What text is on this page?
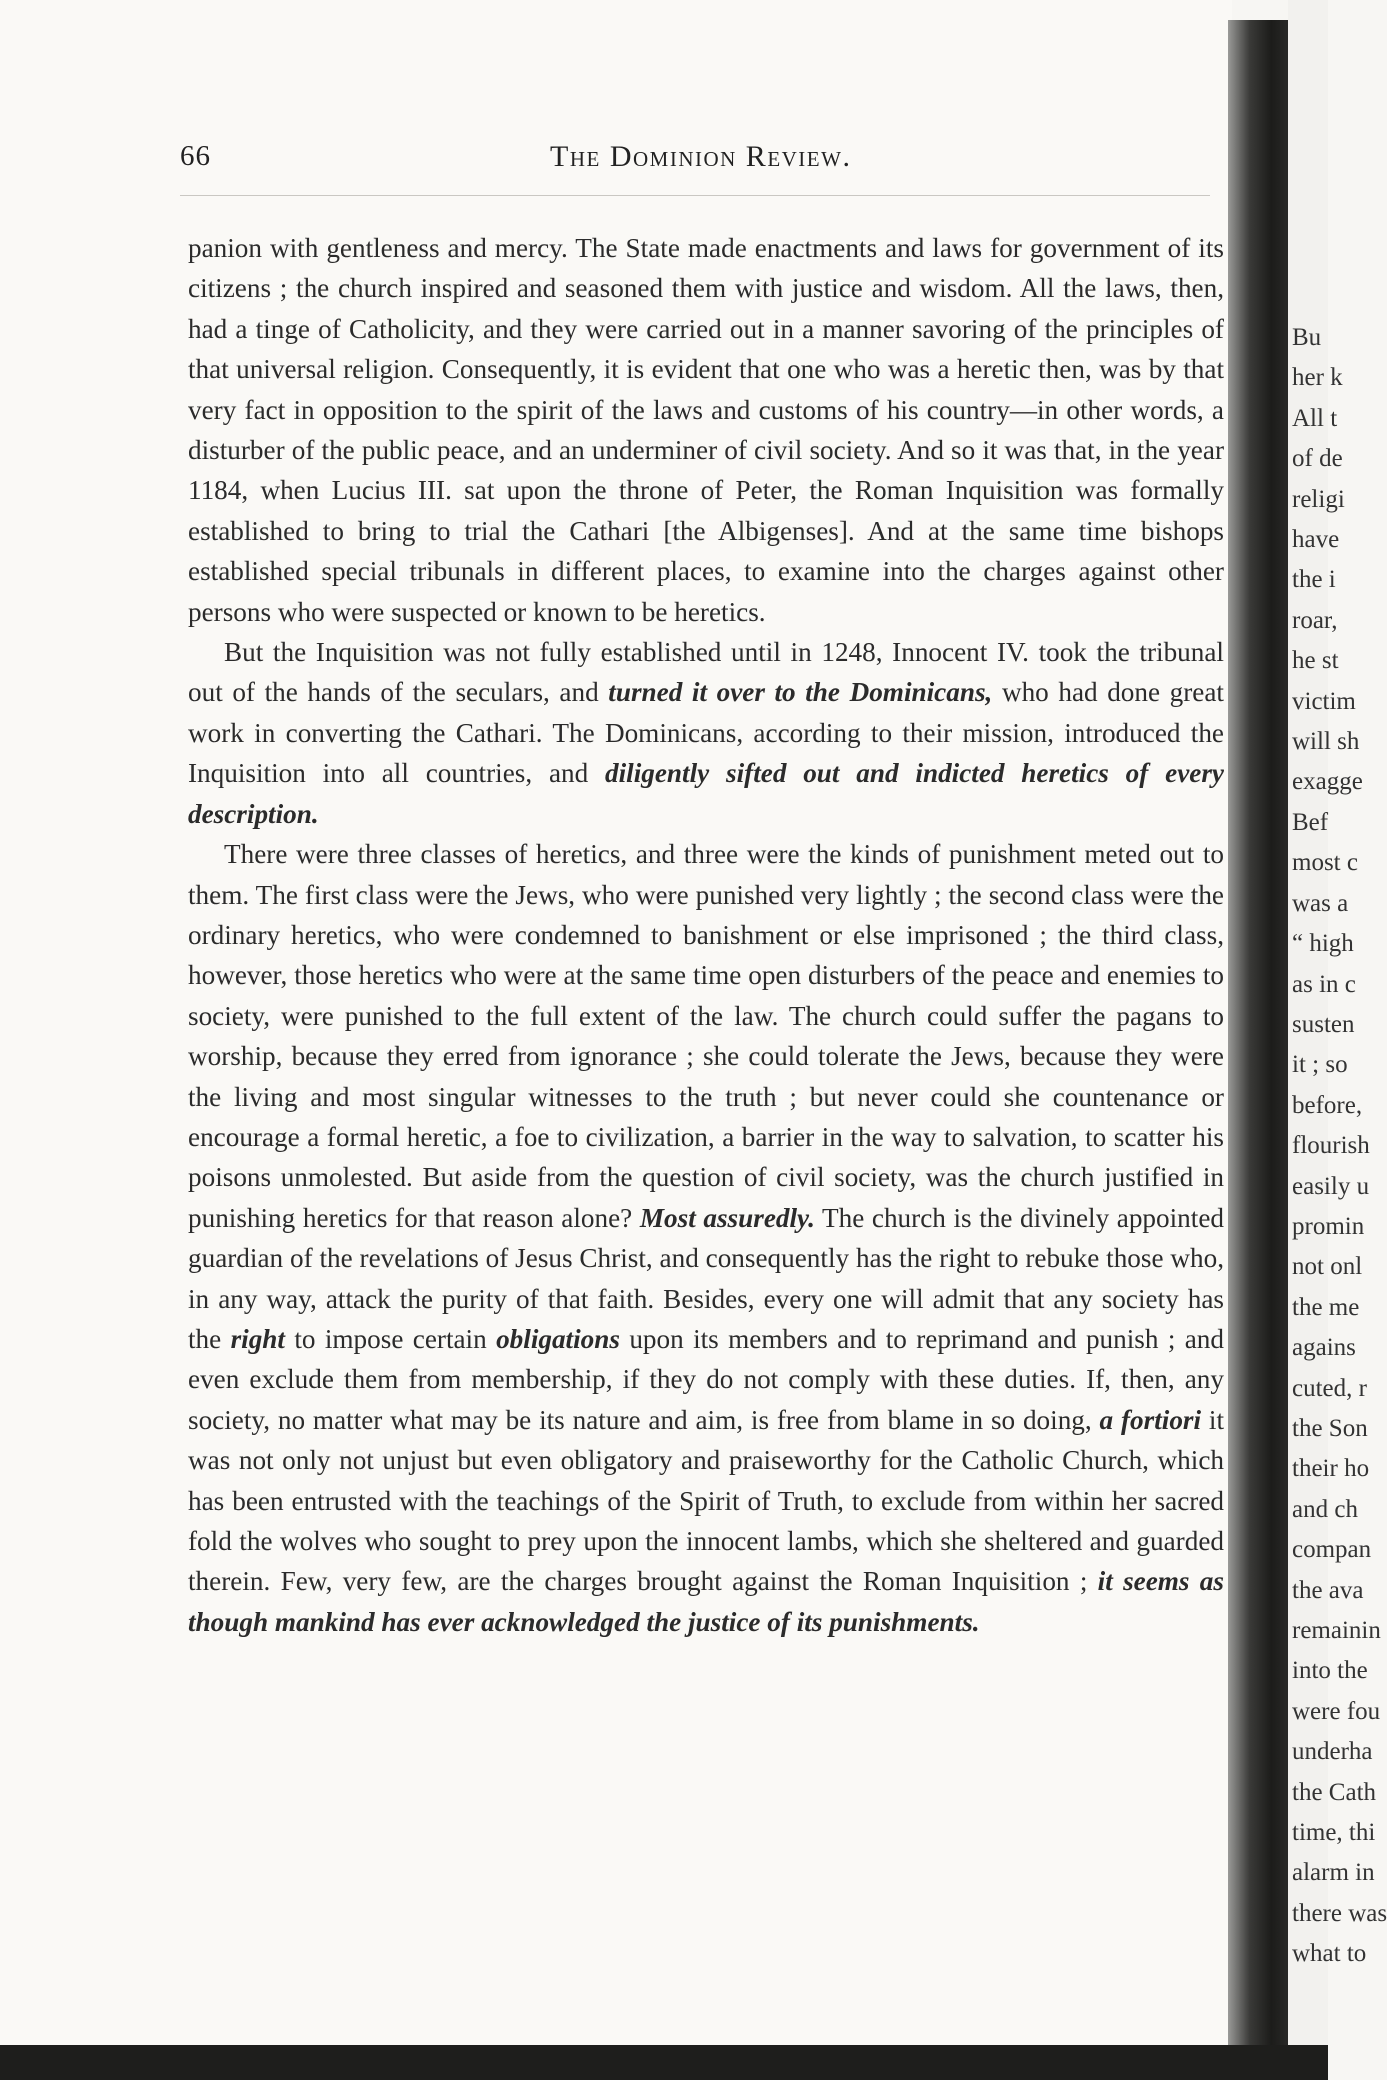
66	The Dominion Review.

panion with gentleness and mercy. The State made enactments and laws for government of its citizens ; the church inspired and seasoned them with justice and wisdom. All the laws, then, had a tinge of Catholicity, and they were carried out in a manner savoring of the principles of that universal religion. Consequently, it is evident that one who was a heretic then, was by that very fact in opposition to the spirit of the laws and customs of his country—in other words, a disturber of the public peace, and an underminer of civil society. And so it was that, in the year 1184, when Lucius III. sat upon the throne of Peter, the Roman Inquisition was formally established to bring to trial the Cathari [the Albigenses]. And at the same time bishops established special tribunals in different places, to examine into the charges against other persons who were suspected or known to be heretics.

But the Inquisition was not fully established until in 1248, Innocent IV. took the tribunal out of the hands of the seculars, and turned it over to the Dominicans, who had done great work in converting the Cathari. The Dominicans, according to their mission, introduced the Inquisition into all countries, and diligently sifted out and indicted heretics of every description.

There were three classes of heretics, and three were the kinds of punishment meted out to them. The first class were the Jews, who were punished very lightly ; the second class were the ordinary heretics, who were condemned to banishment or else imprisoned ; the third class, however, those heretics who were at the same time open disturbers of the peace and enemies to society, were punished to the full extent of the law. The church could suffer the pagans to worship, because they erred from ignorance ; she could tolerate the Jews, because they were the living and most singular witnesses to the truth ; but never could she countenance or encourage a formal heretic, a foe to civilization, a barrier in the way to salvation, to scatter his poisons unmolested. But aside from the question of civil society, was the church justified in punishing heretics for that reason alone? Most assuredly. The church is the divinely appointed guardian of the revelations of Jesus Christ, and consequently has the right to rebuke those who, in any way, attack the purity of that faith. Besides, every one will admit that any society has the right to impose certain obligations upon its members and to reprimand and punish ; and even exclude them from membership, if they do not comply with these duties. If, then, any society, no matter what may be its nature and aim, is free from blame in so doing, a fortiori it was not only not unjust but even obligatory and praiseworthy for the Catholic Church, which has been entrusted with the teachings of the Spirit of Truth, to exclude from within her sacred fold the wolves who sought to prey upon the innocent lambs, which she sheltered and guarded therein. Few, very few, are the charges brought against the Roman Inquisition ; it seems as though mankind has ever acknowledged the justice of its punishments.

Bu
her k
All t
of de
religi
have
the i
roar,
he st
victim
will sh
exagge
Bef
most c
was a
“ high
as in c
susten
it ; so
before,
flourish
easily u
promin
not onl
the me
agains
cuted, r
the Son
their ho
and ch
compan
the ava
remainin
into the
were fou
underha
the Cath
time, thi
alarm in
there was
what to
